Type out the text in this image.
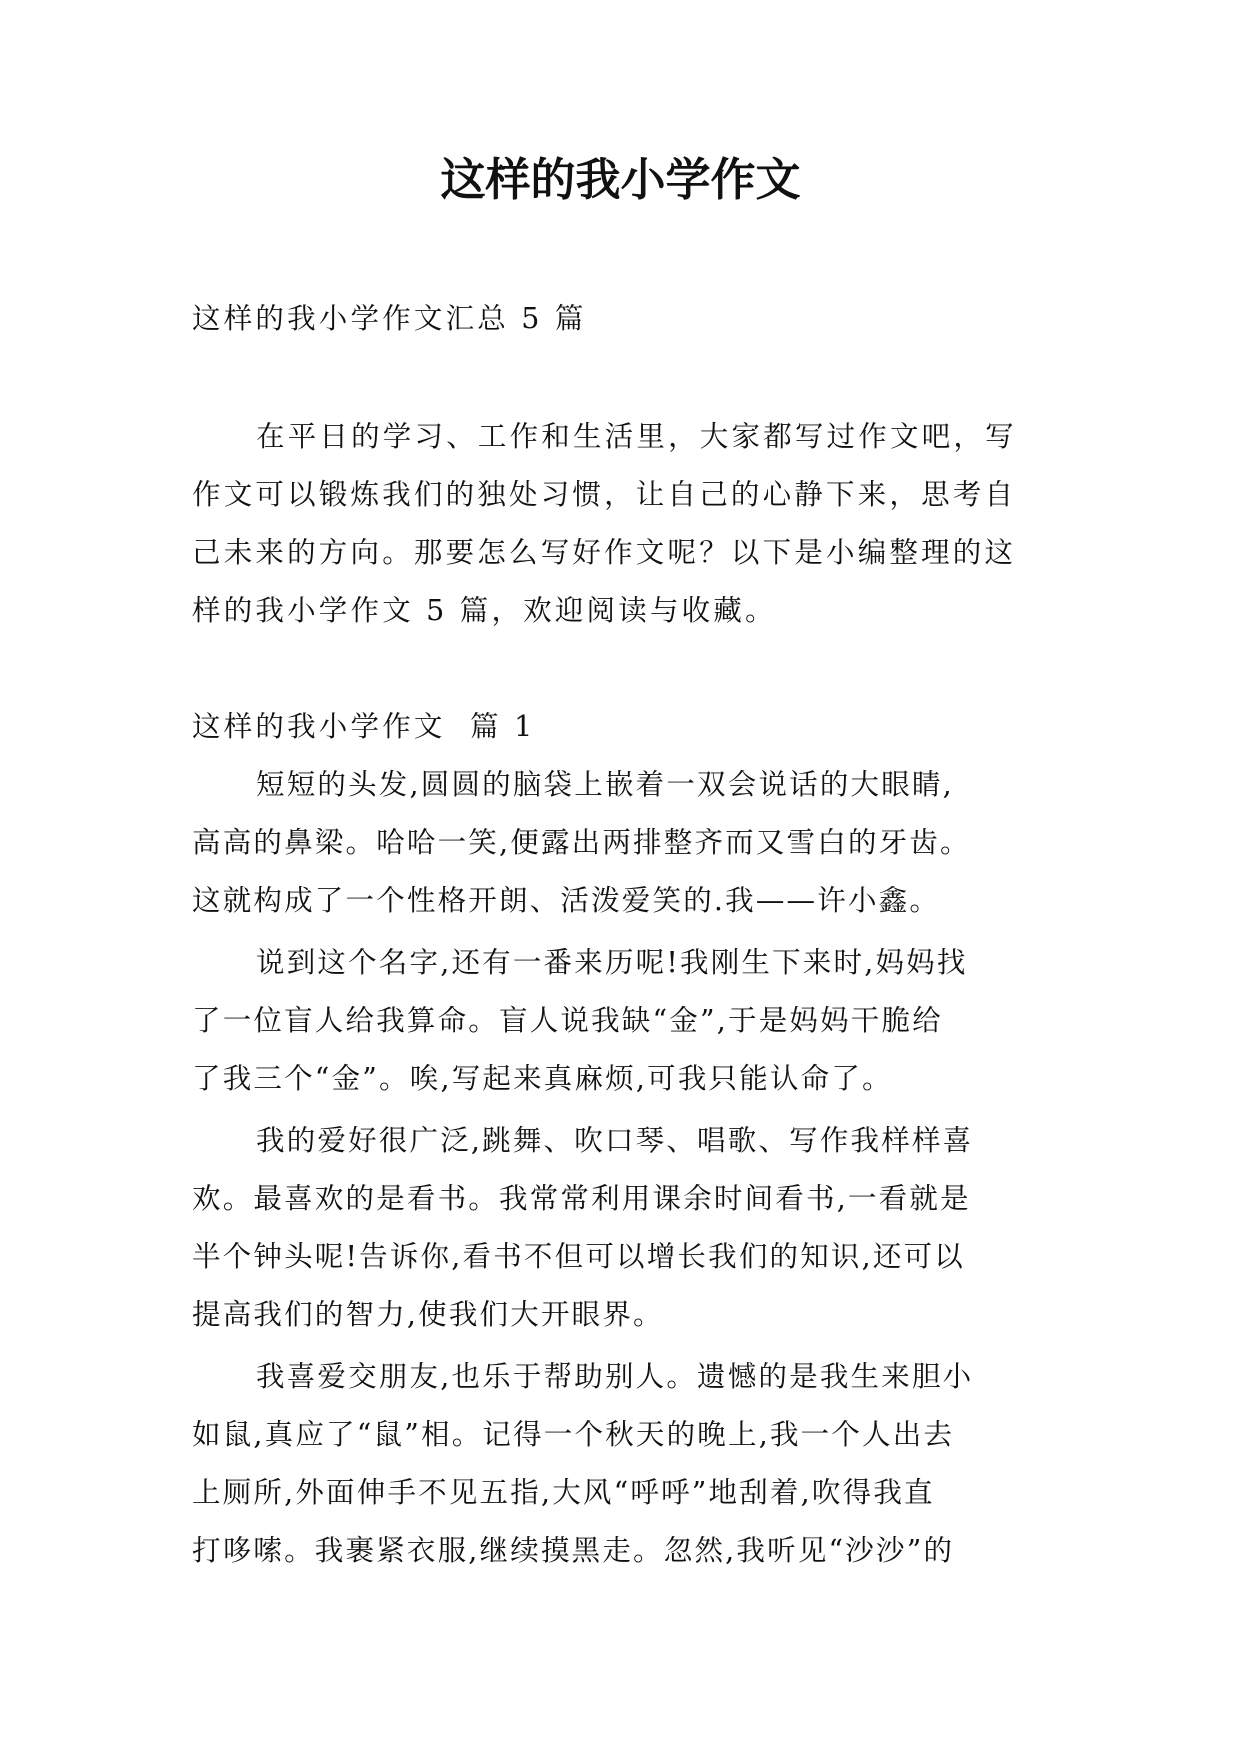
这样的我小学作文

这样的我小学作文汇总 5 篇

在平日的学习、工作和生活里，大家都写过作文吧，写

作文可以锻炼我们的独处习惯，让自己的心静下来，思考自

己未来的方向。那要怎么写好作文呢？以下是小编整理的这

样的我小学作文 5 篇，欢迎阅读与收藏。

这样的我小学作文  篇 1

短短的头发,圆圆的脑袋上嵌着一双会说话的大眼睛,

高高的鼻梁。哈哈一笑,便露出两排整齐而又雪白的牙齿。

这就构成了一个性格开朗、活泼爱笑的.我——许小鑫。

说到这个名字,还有一番来历呢!我刚生下来时,妈妈找

了一位盲人给我算命。盲人说我缺“金”,于是妈妈干脆给

了我三个“金”。唉,写起来真麻烦,可我只能认命了。

我的爱好很广泛,跳舞、吹口琴、唱歌、写作我样样喜

欢。最喜欢的是看书。我常常利用课余时间看书,一看就是

半个钟头呢!告诉你,看书不但可以增长我们的知识,还可以

提高我们的智力,使我们大开眼界。

我喜爱交朋友,也乐于帮助别人。遗憾的是我生来胆小

如鼠,真应了“鼠”相。记得一个秋天的晚上,我一个人出去

上厕所,外面伸手不见五指,大风“呼呼”地刮着,吹得我直

打哆嗦。我裹紧衣服,继续摸黑走。忽然,我听见“沙沙”的
